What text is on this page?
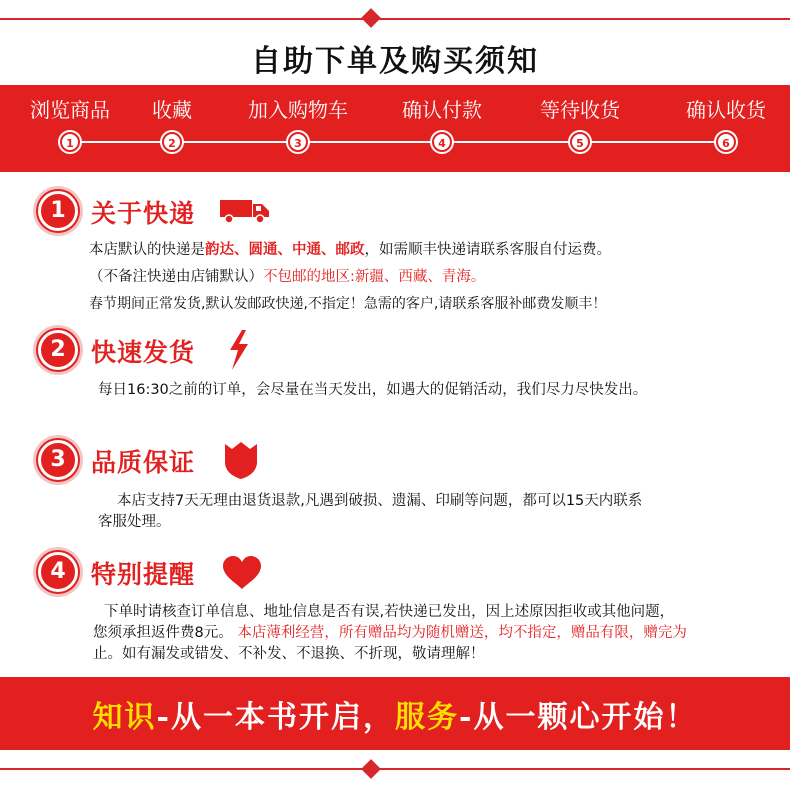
自助下单及购买须知
浏览商品
1
收藏
2
加入购物车
3
确认付款
4
等待收货
5
确认收货
6
1	关于快递
本店默认的快递是韵达、圆通、中通、邮政，如需顺丰快递请联系客服自付运费。
（不备注快递由店铺默认）不包邮的地区:新疆、西藏、青海。
春节期间正常发货,默认发邮政快递,不指定！急需的客户,请联系客服补邮费发顺丰！
2	快速发货
每日16:30之前的订单，会尽量在当天发出，如遇大的促销活动，我们尽力尽快发出。
3	品质保证
本店支持7天无理由退货退款,凡遇到破损、遗漏、印刷等问题，都可以15天内联系
客服处理。
4	特别提醒
下单时请核查订单信息、地址信息是否有误,若快递已发出，因上述原因拒收或其他问题，
您须承担返件费8元。 本店薄利经营，所有赠品均为随机赠送，均不指定，赠品有限，赠完为
止。如有漏发或错发、不补发、不退换、不折现，敬请理解！
知识-从一本书开启，服务-从一颗心开始！
